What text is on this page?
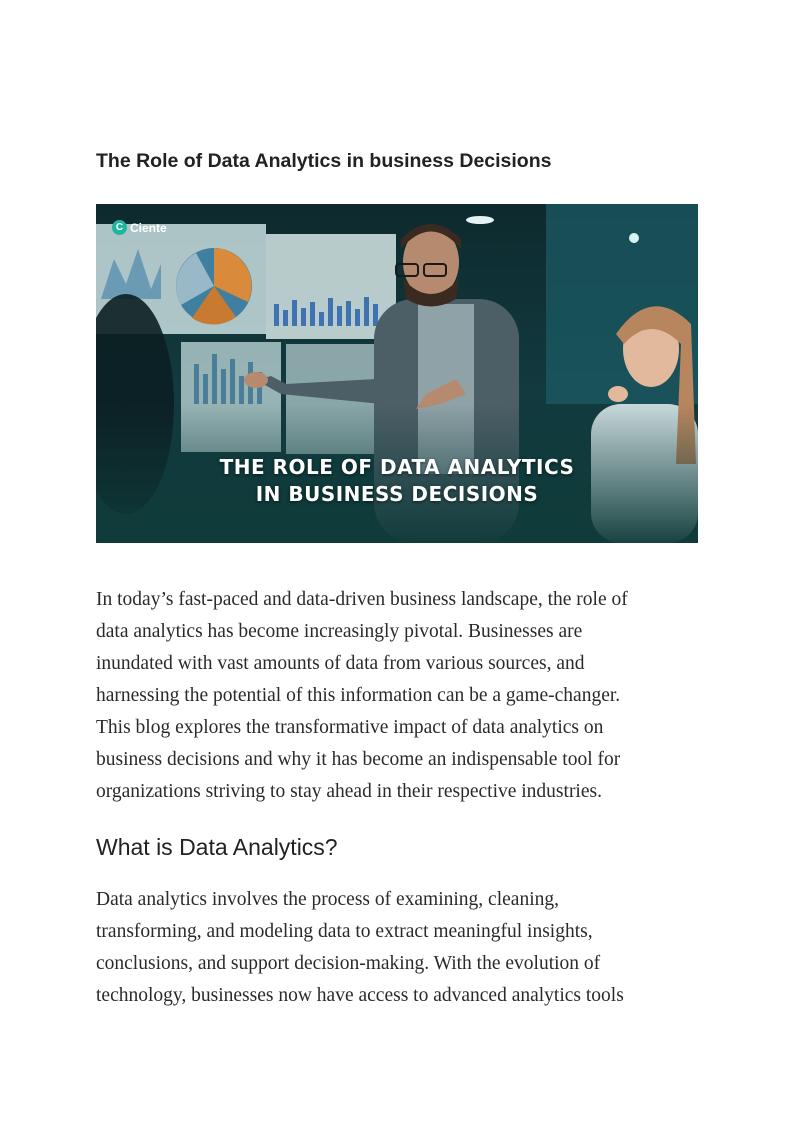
The Role of Data Analytics in business Decisions
C Ciente
THE ROLE OF DATA ANALYTICS
IN BUSINESS DECISIONS

In today’s fast-paced and data-driven business landscape, the role of
data analytics has become increasingly pivotal. Businesses are
inundated with vast amounts of data from various sources, and
harnessing the potential of this information can be a game-changer.
This blog explores the transformative impact of data analytics on
business decisions and why it has become an indispensable tool for
organizations striving to stay ahead in their respective industries.

What is Data Analytics?

Data analytics involves the process of examining, cleaning,
transforming, and modeling data to extract meaningful insights,
conclusions, and support decision-making. With the evolution of
technology, businesses now have access to advanced analytics tools
